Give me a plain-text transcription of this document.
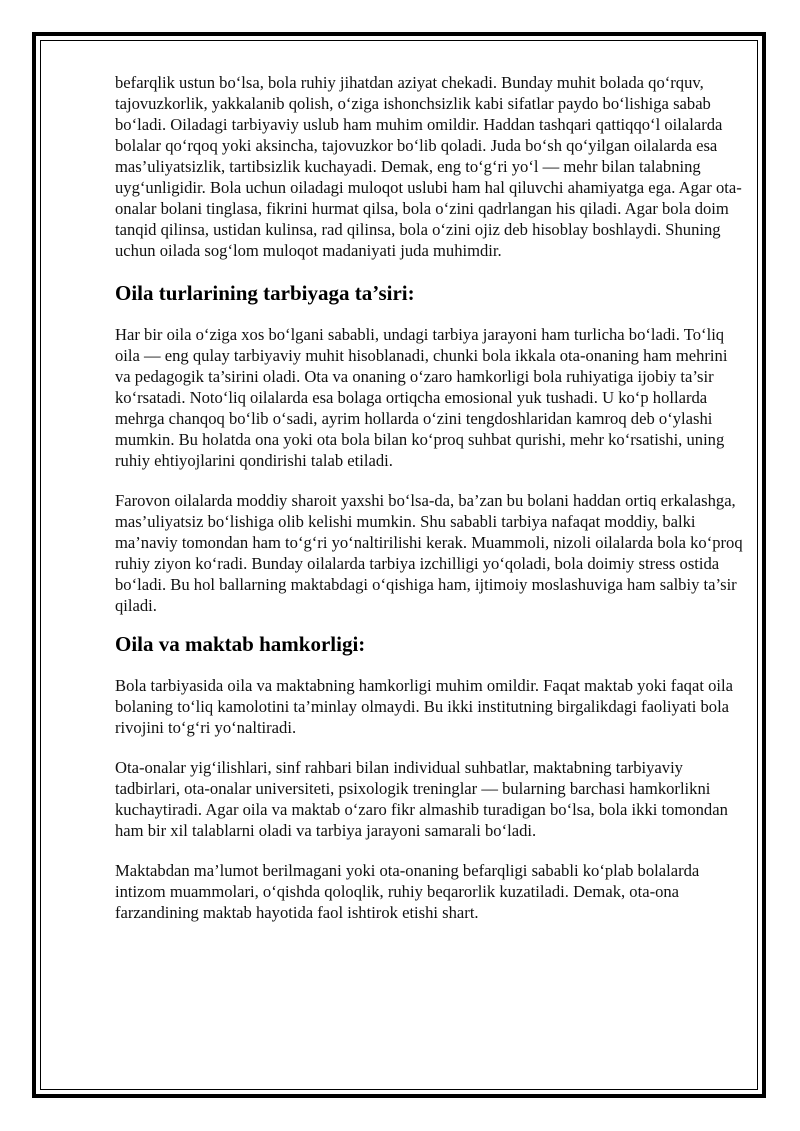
befarqlik ustun bo‘lsa, bola ruhiy jihatdan aziyat chekadi. Bunday muhit bolada qo‘rquv, tajovuzkorlik, yakkalanib qolish, o‘ziga ishonchsizlik kabi sifatlar paydo bo‘lishiga sabab bo‘ladi. Oiladagi tarbiyaviy uslub ham muhim omildir. Haddan tashqari qattiqqo‘l oilalarda bolalar qo‘rqoq yoki aksincha, tajovuzkor bo‘lib qoladi. Juda bo‘sh qo‘yilgan oilalarda esa mas’uliyatsizlik, tartibsizlik kuchayadi. Demak, eng to‘g‘ri yo‘l — mehr bilan talabning uyg‘unligidir. Bola uchun oiladagi muloqot uslubi ham hal qiluvchi ahamiyatga ega. Agar ota-onalar bolani tinglasa, fikrini hurmat qilsa, bola o‘zini qadrlangan his qiladi. Agar bola doim tanqid qilinsa, ustidan kulinsa, rad qilinsa, bola o‘zini ojiz deb hisoblay boshlaydi. Shuning uchun oilada sog‘lom muloqot madaniyati juda muhimdir.

Oila turlarining tarbiyaga ta’siri:

Har bir oila o‘ziga xos bo‘lgani sababli, undagi tarbiya jarayoni ham turlicha bo‘ladi. To‘liq oila — eng qulay tarbiyaviy muhit hisoblanadi, chunki bola ikkala ota-onaning ham mehrini va pedagogik ta’sirini oladi. Ota va onaning o‘zaro hamkorligi bola ruhiyatiga ijobiy ta’sir ko‘rsatadi. Noto‘liq oilalarda esa bolaga ortiqcha emosional yuk tushadi. U ko‘p hollarda mehrga chanqoq bo‘lib o‘sadi, ayrim hollarda o‘zini tengdoshlaridan kamroq deb o‘ylashi mumkin. Bu holatda ona yoki ota bola bilan ko‘proq suhbat qurishi, mehr ko‘rsatishi, uning ruhiy ehtiyojlarini qondirishi talab etiladi.

Farovon oilalarda moddiy sharoit yaxshi bo‘lsa-da, ba’zan bu bolani haddan ortiq erkalashga, mas’uliyatsiz bo‘lishiga olib kelishi mumkin. Shu sababli tarbiya nafaqat moddiy, balki ma’naviy tomondan ham to‘g‘ri yo‘naltirilishi kerak. Muammoli, nizoli oilalarda bola ko‘proq ruhiy ziyon ko‘radi. Bunday oilalarda tarbiya izchilligi yo‘qoladi, bola doimiy stress ostida bo‘ladi. Bu hol ballarning maktabdagi o‘qishiga ham, ijtimoiy moslashuviga ham salbiy ta’sir qiladi.

Oila va maktab hamkorligi:

Bola tarbiyasida oila va maktabning hamkorligi muhim omildir. Faqat maktab yoki faqat oila bolaning to‘liq kamolotini ta’minlay olmaydi. Bu ikki institutning birgalikdagi faoliyati bola rivojini to‘g‘ri yo‘naltiradi.

Ota-onalar yig‘ilishlari, sinf rahbari bilan individual suhbatlar, maktabning tarbiyaviy tadbirlari, ota-onalar universiteti, psixologik treninglar — bularning barchasi hamkorlikni kuchaytiradi. Agar oila va maktab o‘zaro fikr almashib turadigan bo‘lsa, bola ikki tomondan ham bir xil talablarni oladi va tarbiya jarayoni samarali bo‘ladi.

Maktabdan ma’lumot berilmagani yoki ota-onaning befarqligi sababli ko‘plab bolalarda intizom muammolari, o‘qishda qoloqlik, ruhiy beqarorlik kuzatiladi. Demak, ota-ona farzandining maktab hayotida faol ishtirok etishi shart.
